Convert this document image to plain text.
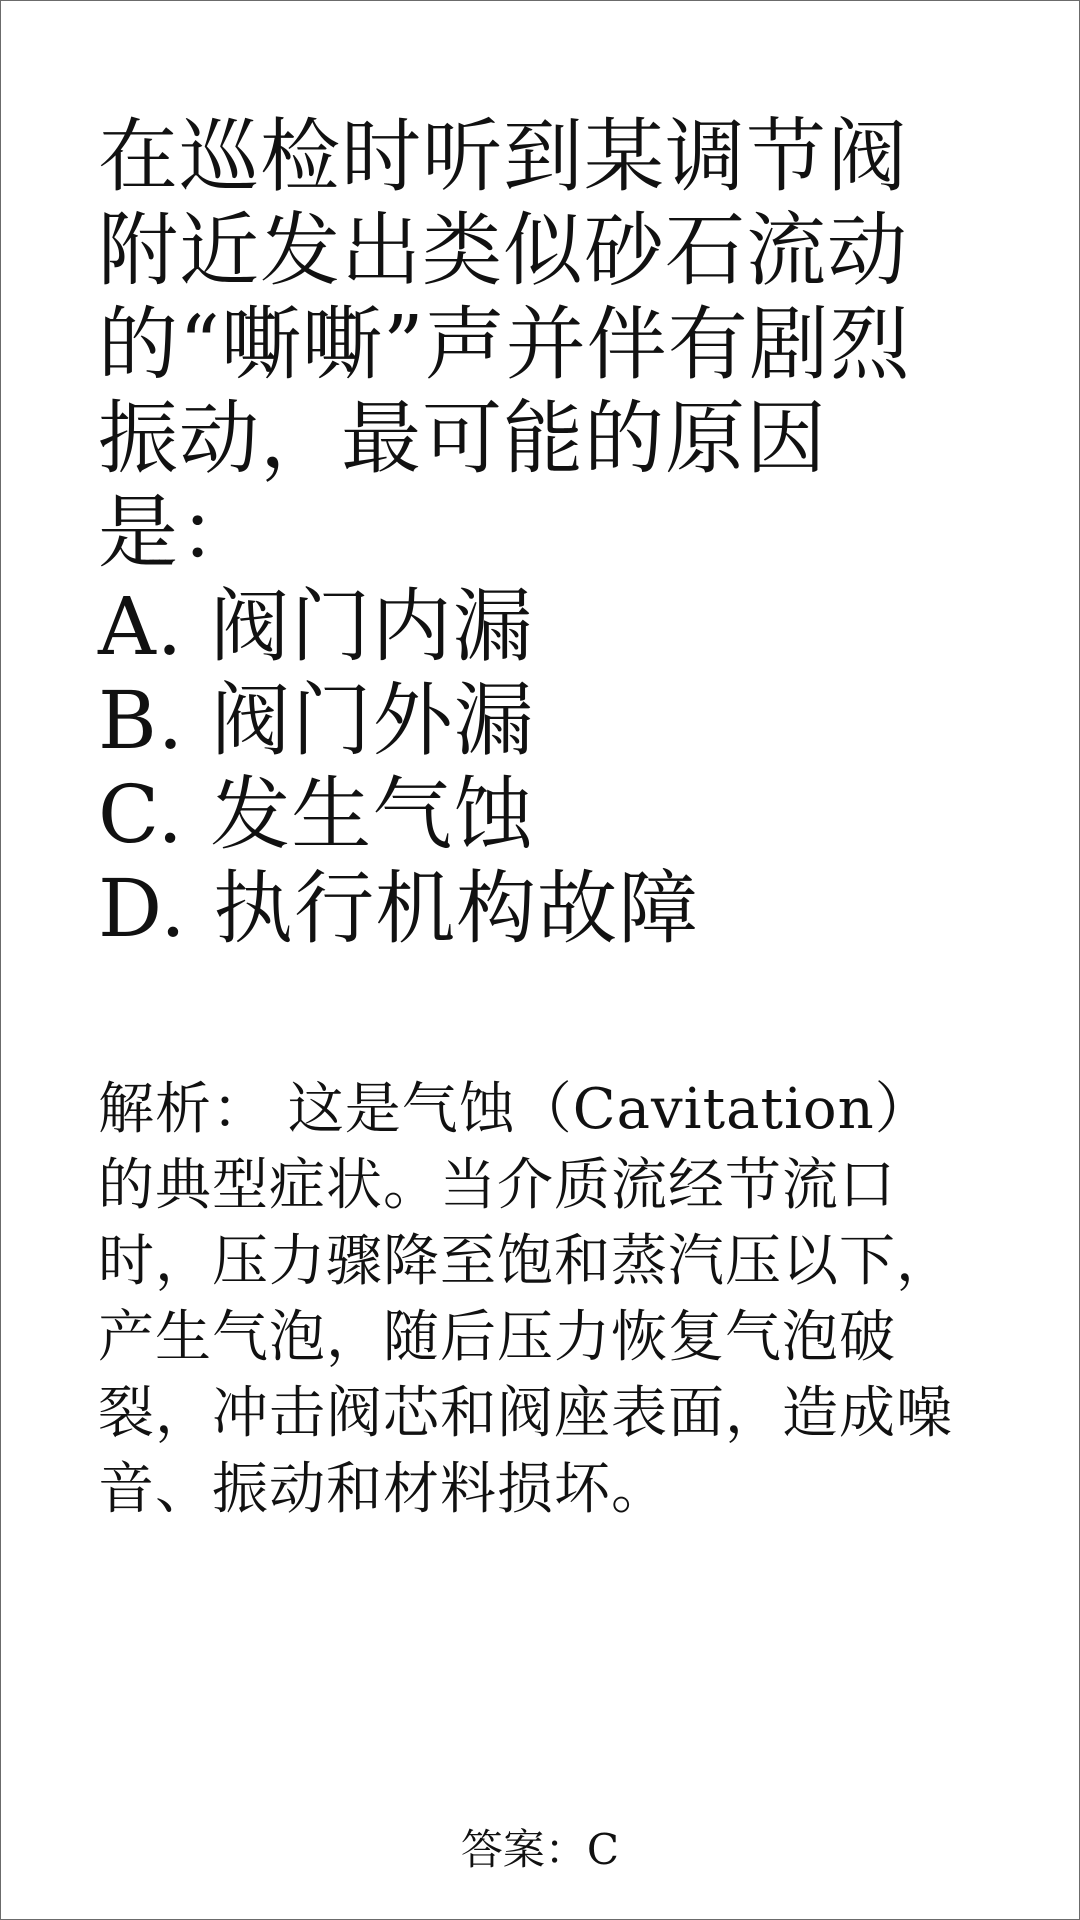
在巡检时听到某调节阀附近发出类似砂石流动的“嘶嘶”声并伴有剧烈振动，最可能的原因是：

A. 阀门内漏
B. 阀门外漏
C. 发生气蚀
D. 执行机构故障
解析： 这是气蚀（Cavitation）的典型症状。当介质流经节流口时，压力骤降至饱和蒸汽压以下，产生气泡，随后压力恢复气泡破裂，冲击阀芯和阀座表面，造成噪音、振动和材料损坏。
答案：C
